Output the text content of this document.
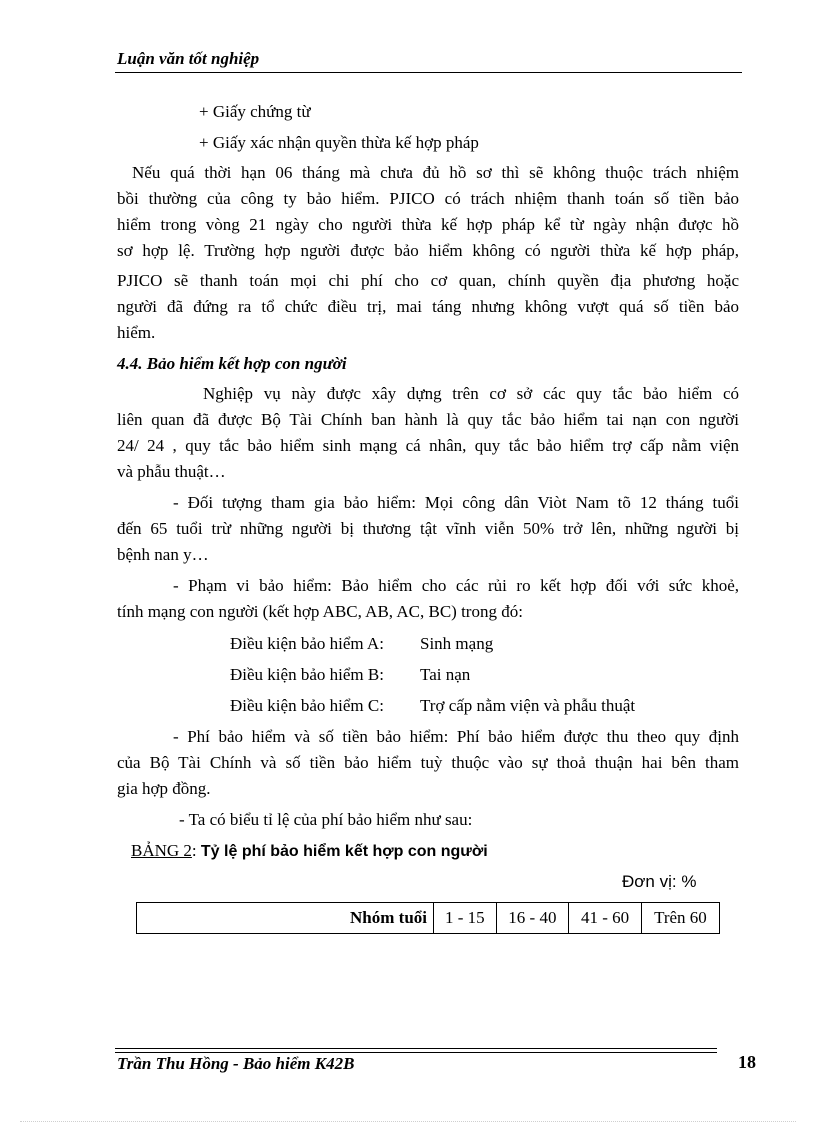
Luận văn tốt nghiệp
+ Giấy chứng từ
+ Giấy xác nhận quyền thừa kế hợp pháp
Nếu quá thời hạn 06 tháng mà chưa đủ hồ sơ thì sẽ không thuộc trách nhiệm
bồi thường của công ty bảo hiểm. PJICO có trách nhiệm thanh toán số tiền bảo
hiểm trong vòng 21 ngày cho người thừa kế hợp pháp kể từ ngày nhận được hồ
sơ hợp lệ. Trường hợp người được bảo hiểm không có người thừa kế hợp pháp,
PJICO sẽ thanh toán mọi chi phí cho cơ quan, chính quyền địa phương hoặc
người đã đứng ra tổ chức điều trị, mai táng nhưng không vượt quá số tiền bảo
hiểm.
4.4. Bảo hiểm kết hợp con người
Nghiệp vụ này được xây dựng trên cơ sở các quy tắc bảo hiểm có
liên quan đã được Bộ Tài Chính ban hành là quy tắc bảo hiểm tai nạn con người
24/ 24 , quy tắc bảo hiểm sinh mạng cá nhân, quy tắc bảo hiểm trợ cấp nằm viện
và phẫu thuật…
- Đối tượng tham gia bảo hiểm: Mọi công dân Viòt Nam tõ 12 tháng tuổi
đến 65 tuổi trừ những người bị thương tật vĩnh viễn 50% trở lên, những người bị
bệnh nan y…
- Phạm vi bảo hiểm: Bảo hiểm cho các rủi ro kết hợp đối với sức khoẻ,
tính mạng con người (kết hợp ABC, AB, AC, BC) trong đó:
Điều kiện bảo hiểm A: Sinh mạng
Điều kiện bảo hiểm B: Tai nạn
Điều kiện bảo hiểm C: Trợ cấp nằm viện và phẫu thuật
- Phí bảo hiểm và số tiền bảo hiểm: Phí bảo hiểm được thu theo quy định
của Bộ Tài Chính và số tiền bảo hiểm tuỳ thuộc vào sự thoả thuận hai bên tham
gia hợp đồng.
- Ta có biểu tỉ lệ của phí bảo hiểm như sau:
BẢNG 2: Tỷ lệ phí bảo hiểm kết hợp con người
Đơn vị: %
Nhóm tuổi	1 - 15	16 - 40	41 - 60	Trên 60
Trần Thu Hồng - Bảo hiểm K42B	18
